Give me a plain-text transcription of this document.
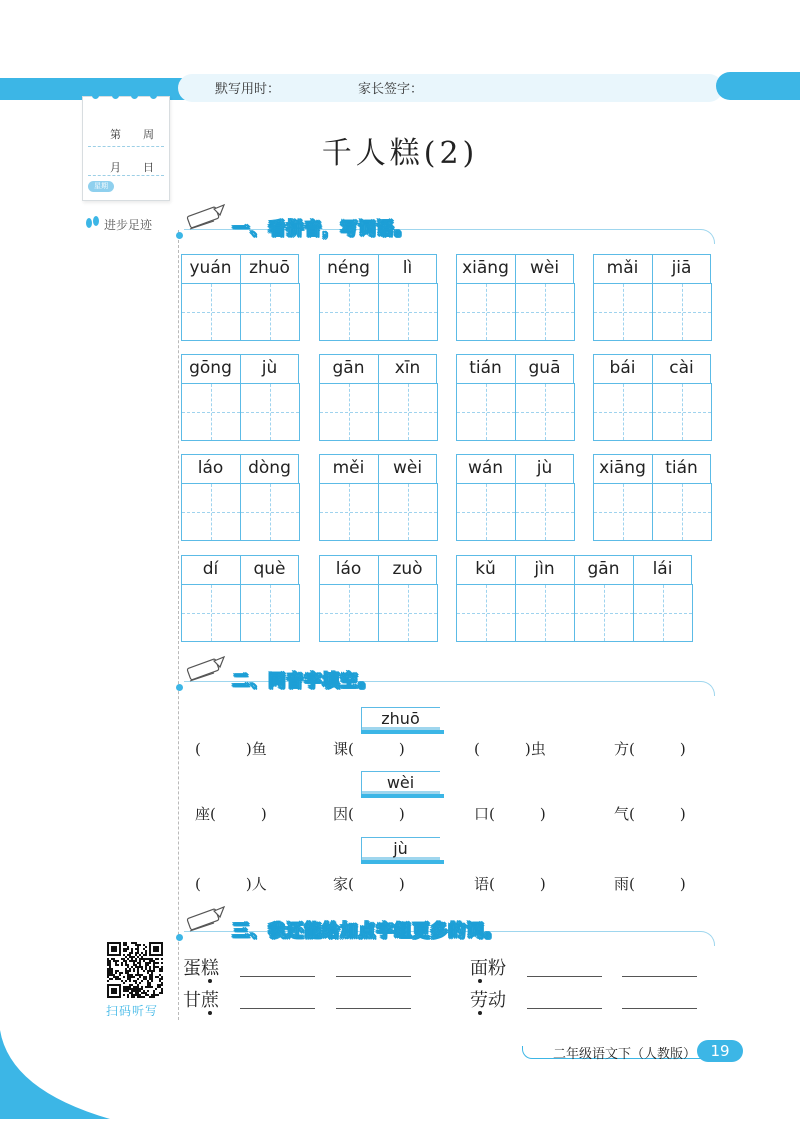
默写用时：	家长签字：
第　　周
月 日
星期
进步足迹
千人糕(2)
一、看拼音，写词语。
yuán	zhuō	néng	lì	xiāng	wèi	mǎi	jiā
gōng	jù	gān	xīn	tián	guā	bái	cài
láo	dòng	měi	wèi	wán	jù	xiāng	tián
dí	què	láo	zuò	kǔ	jìn	gān	lái
二、同音字填空。
zhuō
(　　　)鱼	课(　　　)	(　　　)虫	方(　　　)
wèi
座(　　　)	因(　　　)	口(　　　)	气(　　　)
jù
(　　　)人	家(　　　)	语(　　　)	雨(　　　)
三、我还能给加点字组更多的词。
蛋糕	面粉
甘蔗	劳动
扫码听写
二年级语文下（人教版） 19
